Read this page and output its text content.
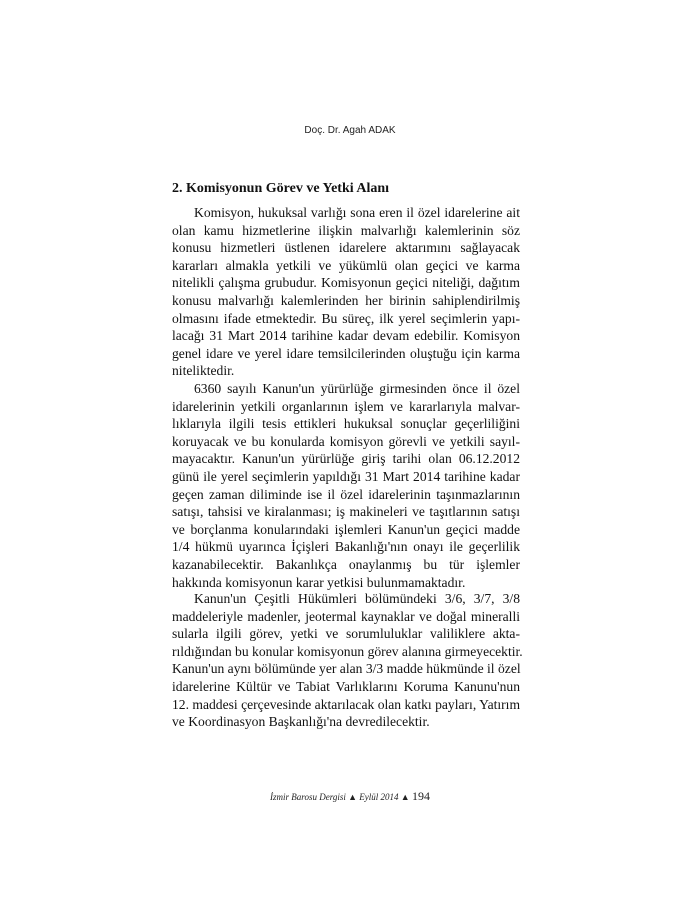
Doç. Dr. Agah ADAK
2. Komisyonun Görev ve Yetki Alanı
Komisyon, hukuksal varlığı sona eren il özel idarelerine ait
olan kamu hizmetlerine ilişkin malvarlığı kalemlerinin söz
konusu hizmetleri üstlenen idarelere aktarımını sağlayacak
kararları almakla yetkili ve yükümlü olan geçici ve karma
nitelikli çalışma grubudur. Komisyonun geçici niteliği, dağıtım
konusu malvarlığı kalemlerinden her birinin sahiplendirilmiş
olmasını ifade etmektedir. Bu süreç, ilk yerel seçimlerin yapı-
lacağı 31 Mart 2014 tarihine kadar devam edebilir. Komisyon
genel idare ve yerel idare temsilcilerinden oluştuğu için karma
niteliktedir.
6360 sayılı Kanun'un yürürlüğe girmesinden önce il özel
idarelerinin yetkili organlarının işlem ve kararlarıyla malvar-
lıklarıyla ilgili tesis ettikleri hukuksal sonuçlar geçerliliğini
koruyacak ve bu konularda komisyon görevli ve yetkili sayıl-
mayacaktır. Kanun'un yürürlüğe giriş tarihi olan 06.12.2012
günü ile yerel seçimlerin yapıldığı 31 Mart 2014 tarihine kadar
geçen zaman diliminde ise il özel idarelerinin taşınmazlarının
satışı, tahsisi ve kiralanması; iş makineleri ve taşıtlarının satışı
ve borçlanma konularındaki işlemleri Kanun'un geçici madde
1/4 hükmü uyarınca İçişleri Bakanlığı'nın onayı ile geçerlilik
kazanabilecektir. Bakanlıkça onaylanmış bu tür işlemler
hakkında komisyonun karar yetkisi bulunmamaktadır.
Kanun'un Çeşitli Hükümleri bölümündeki 3/6, 3/7, 3/8
maddeleriyle madenler, jeotermal kaynaklar ve doğal mineralli
sularla ilgili görev, yetki ve sorumluluklar valiliklere akta-
rıldığından bu konular komisyonun görev alanına girmeyecektir.
Kanun'un aynı bölümünde yer alan 3/3 madde hükmünde il özel
idarelerine Kültür ve Tabiat Varlıklarını Koruma Kanunu'nun
12. maddesi çerçevesinde aktarılacak olan katkı payları, Yatırım
ve Koordinasyon Başkanlığı'na devredilecektir.
İzmir Barosu Dergisi ▲ Eylül 2014 ▲ 194
